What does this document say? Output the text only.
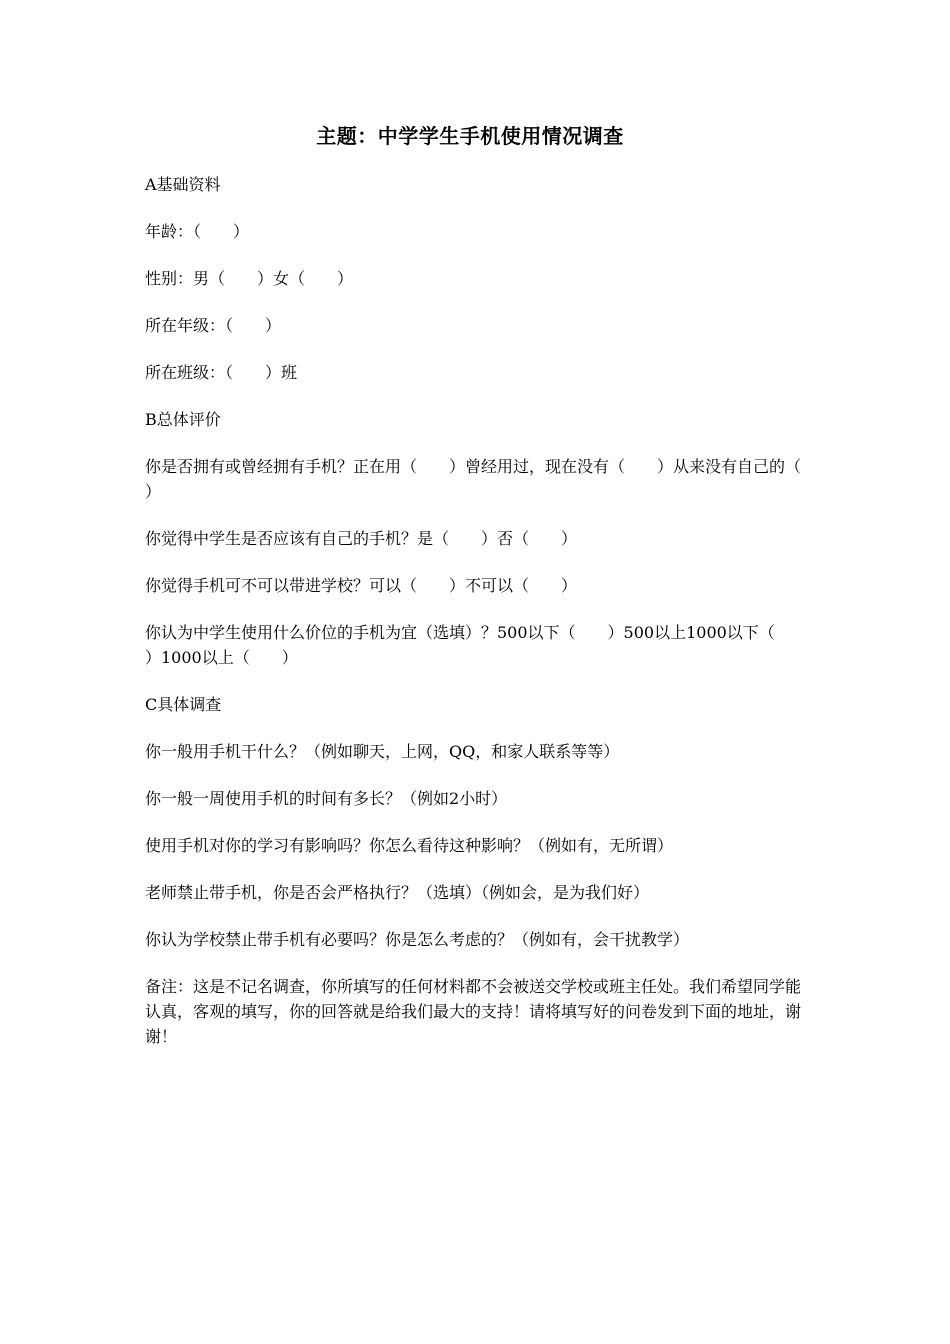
主题：中学学生手机使用情况调查

A基础资料

年龄：（　　）

性别：男（　　）女（　　）

所在年级：（　　）

所在班级：（　　）班

B总体评价

你是否拥有或曾经拥有手机？正在用（　　）曾经用过，现在没有（　　）从来没有自己的（　　）

你觉得中学生是否应该有自己的手机？是（　　）否（　　）

你觉得手机可不可以带进学校？可以（　　）不可以（　　）

你认为中学生使用什么价位的手机为宜（选填）？500以下（　　）500以上1000以下（　　）1000以上（　　）

C具体调查

你一般用手机干什么？（例如聊天，上网，QQ，和家人联系等等）

你一般一周使用手机的时间有多长？（例如2小时）

使用手机对你的学习有影响吗？你怎么看待这种影响？（例如有，无所谓）

老师禁止带手机，你是否会严格执行？（选填）（例如会，是为我们好）

你认为学校禁止带手机有必要吗？你是怎么考虑的？（例如有，会干扰教学）

备注：这是不记名调查，你所填写的任何材料都不会被送交学校或班主任处。我们希望同学能认真，客观的填写，你的回答就是给我们最大的支持！请将填写好的问卷发到下面的地址，谢谢！
